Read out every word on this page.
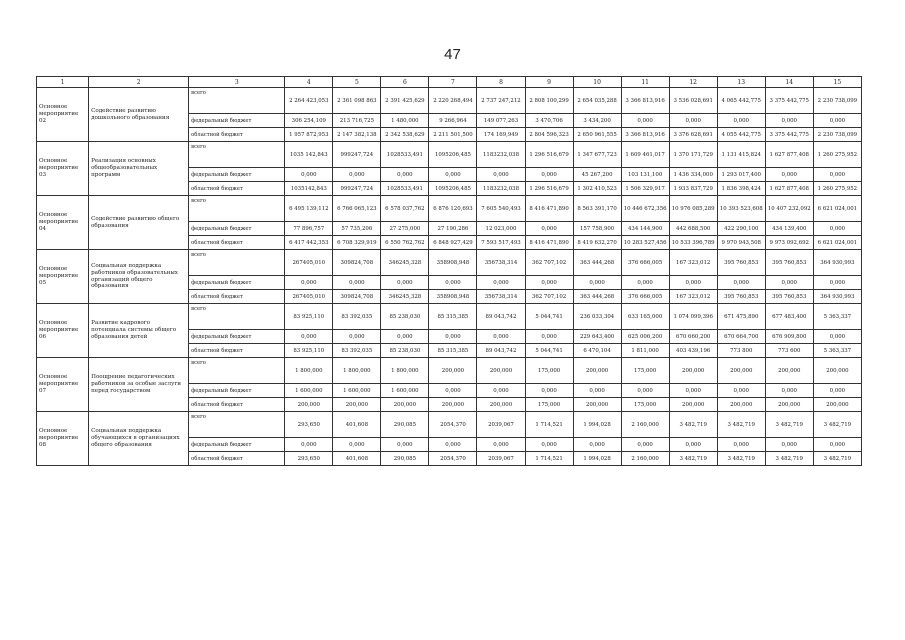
47
1	2	3	4	5	6	7	8	9	10	11	12	13	14	15
Основное мероприятие 02	Содействие развитию дошкольного образования	всего	2 264 423,053	2 361 098 863	2 391 425,629	2 220 268,494	2 737 247,212	2 808 100,299	2 654 035,288	3 366 813,916	3 536 028,691	4 065 442,775	3 375 442,775	2 230 738,099
		федеральный бюджет	306 254,109	213 716,725	1 480,000	9 266,964	149 077,263	3 470,706	3 434,200	0,000	0,000	0,000	0,000	0,000
		областной бюджет	1 957 872,953	2 147 382,138	2 342 538,629	2 211 501,500	174 169,949	2 804 596,323	2 650 961,555	3 366 813,916	3 376 628,691	4 055 442,775	3 375 442,775	2 230 738,099
Основное мероприятие 03	Реализация основных общеобразовательных программ	всего	1035 142,843	999247,724	1028533,491	1095206,485	1183232,038	1 296 516,679	1 347 677,723	1 609 461,017	1 370 171,729	1 131 415,824	1 627 877,408	1 260 275,952
		федеральный бюджет	0,000	0,000	0,000	0,000	0,000	0,000	45 267,200	103 131,100	1 436 334,000	1 293 017,400	0,000	0,000
		областной бюджет	1035142,843	999247,724	1028533,491	1095206,485	1183232,038	1 296 516,679	1 302 410,523	1 506 329,917	1 933 837,729	1 836 398,424	1 627 877,408	1 260 275,952
Основное мероприятие 04	Содействие развитию общего образования	всего	6 495 139,112	6 766 065,123	6 578 037,762	6 876 120,693	7 605 540,493	8 416 471,890	8 563 391,170	10 446 672,356	10 976 085,289	10 393 523,608	10 407 232,092	6 621 024,001
		федеральный бюджет	77 896,757	57 735,206	27 275,000	27 190,286	12 023,000	0,000	157 758,900	434 144,900	442 688,500	422 290,100	434 139,400	0,000
		областной бюджет	6 417 442,353	6 708 329,919	6 550 762,762	6 848 927,429	7 593 517,493	8 416 471,890	8 419 632,270	10 283 527,456	10 533 396,789	9 970 943,508	9 973 092,692	6 621 024,001
Основное мероприятие 05	Социальная поддержка работников образовательных организаций общего образования	всего	267405,010	309824,708	346245,328	358908,948	356738,314	362 707,102	363 444,268	376 666,005	167 323,012	395 760,853	395 760,853	364 930,993
		федеральный бюджет	0,000	0,000	0,000	0,000	0,000	0,000	0,000	0,000	0,000	0,000	0,000	0,000
		областной бюджет	267405,010	309824,708	346245,328	358908,948	356738,314	362 707,102	363 444,268	376 666,005	167 323,012	395 760,853	395 760,853	364 930,993
Основное мероприятие 06	Развитие кадрового потенциала системы общего образования детей	всего	83 925,110	83 392,035	85 238,030	85 315,385	89 043,742	5 044,741	236 033,304	633 165,000	1 074 099,396	671 475,890	677 483,400	5 363,337
		федеральный бюджет	0,000	0,000	0,000	0,000	0,000	0,000	229 643,400	625 006,200	670 660,200	670 664,700	676 909,800	0,000
		областной бюджет	83 925,110	83 392,035	85 238,030	85 315,385	89 043,742	5 044,741	6 470,104	1 811,000	403 439,196	773 800	773 600	5 363,337
Основное мероприятие 07	Поощрение педагогических работников за особые заслуги перед государством	всего	1 800,000	1 800,000	1 800,000	200,000	200,000	175,000	200,000	175,000	200,000	200,000	200,000	200,000
		федеральный бюджет	1 600,000	1 600,000	1 600,000	0,000	0,000	0,000	0,000	0,000	0,000	0,000	0,000	0,000
		областной бюджет	200,000	200,000	200,000	200,000	200,000	175,000	200,000	175,000	200,000	200,000	200,000	200,000
Основное мероприятие 08	Социальная поддержка обучающихся в организациях общего образования	всего	293,650	401,608	290,085	2054,370	2039,067	1 714,521	1 994,028	2 160,000	3 482,719	3 482,719	3 482,719	3 482,719
		федеральный бюджет	0,000	0,000	0,000	0,000	0,000	0,000	0,000	0,000	0,000	0,000	0,000	0,000
		областной бюджет	293,650	401,608	290,085	2054,370	2039,067	1 714,521	1 994,028	2 160,000	3 482,719	3 482,719	3 482,719	3 482,719
